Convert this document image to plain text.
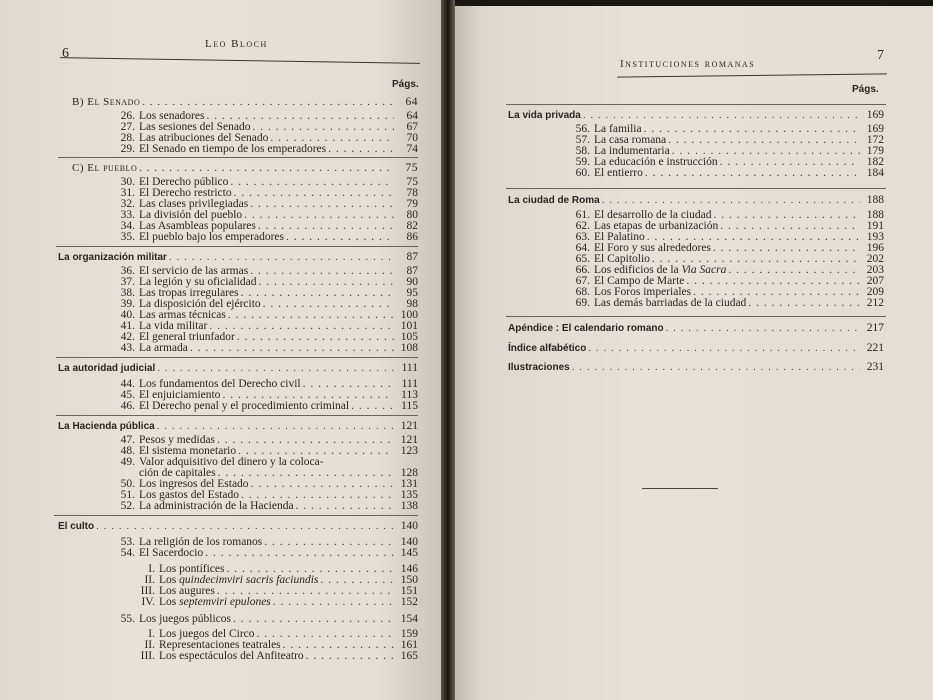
6
Leo Bloch
Págs.
B) El Senado . . .	64
26. Los senadores . . .	64
27. Las sesiones del Senado . . .	67
28. Las atribuciones del Senado . . .	70
29. El Senado en tiempo de los emperadores . . .	74
C) El pueblo . . .	75
30. El Derecho público . . .	75
31. El Derecho restricto . . .	78
32. Las clases privilegiadas . . .	79
33. La división del pueblo . . .	80
34. Las Asambleas populares . . .	82
35. El pueblo bajo los emperadores . . .	86
La organización militar . . .	87
36. El servicio de las armas . . .	87
37. La legión y su oficialidad . . .	90
38. Las tropas irregulares . . .	95
39. La disposición del ejército . . .	98
40. Las armas técnicas . . .	100
41. La vida militar . . .	101
42. El general triunfador . . .	105
43. La armada . . .	108
La autoridad judicial . . .	111
44. Los fundamentos del Derecho civil . . .	111
45. El enjuiciamiento . . .	113
46. El Derecho penal y el procedimiento criminal . . .	115
La Hacienda pública . . .	121
47. Pesos y medidas . . .	121
48. El sistema monetario . . .	123
49. Valor adquisitivo del dinero y la coloca-
ción de capitales . . .	128
50. Los ingresos del Estado . . .	131
51. Los gastos del Estado . . .	135
52. La administración de la Hacienda . . .	138
El culto . . .	140
53. La religión de los romanos . . .	140
54. El Sacerdocio . . .	145
I. Los pontífices . . .	146
II. Los quindecimviri sacris faciundis . . .	150
III. Los augures . . .	151
IV. Los septemviri epulones . . .	152
55. Los juegos públicos . . .	154
I. Los juegos del Circo . . .	159
II. Representaciones teatrales . . .	161
III. Los espectáculos del Anfiteatro . . .	165
7
Instituciones romanas
Págs.
La vida privada . . .	169
56. La familia . . .	169
57. La casa romana . . .	172
58. La indumentaria . . .	179
59. La educación e instrucción . . .	182
60. El entierro . . .	184
La ciudad de Roma . . .	188
61. El desarrollo de la ciudad . . .	188
62. Las etapas de urbanización . . .	191
63. El Palatino . . .	193
64. El Foro y sus alrededores . . .	196
65. El Capitolio . . .	202
66. Los edificios de la Via Sacra . . .	203
67. El Campo de Marte . . .	207
68. Los Foros imperiales . . .	209
69. Las demás barriadas de la ciudad . . .	212
Apéndice : El calendario romano . . .	217
Índice alfabético . . .	221
Ilustraciones . . .	231
